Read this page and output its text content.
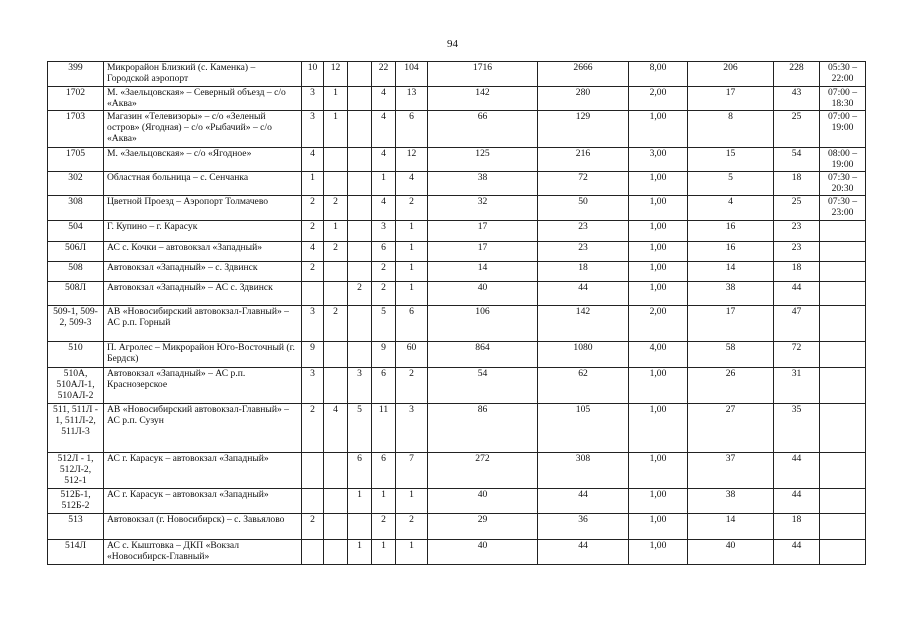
94
399	Микрорайон Близкий (с. Каменка) – Городской аэропорт	10	12		22	104	1716	2666	8,00	206	228	05:30 – 22:00
1702	М. «Заельцовская» – Северный объезд – с/о «Аква»	3	1		4	13	142	280	2,00	17	43	07:00 – 18:30
1703	Магазин «Телевизоры» – с/о «Зеленый остров» (Ягодная) – с/о «Рыбачий» – с/о «Аква»	3	1		4	6	66	129	1,00	8	25	07:00 – 19:00
1705	М. «Заельцовская» – с/о «Ягодное»	4			4	12	125	216	3,00	15	54	08:00 – 19:00
302	Областная больница – с. Сенчанка	1			1	4	38	72	1,00	5	18	07:30 – 20:30
308	Цветной Проезд – Аэропорт Толмачево	2	2		4	2	32	50	1,00	4	25	07:30 – 23:00
504	Г. Купино – г. Карасук	2	1		3	1	17	23	1,00	16	23	
506Л	АС с. Кочки – автовокзал «Западный»	4	2		6	1	17	23	1,00	16	23	
508	Автовокзал «Западный» – с. Здвинск	2			2	1	14	18	1,00	14	18	
508Л	Автовокзал «Западный» – АС с. Здвинск			2	2	1	40	44	1,00	38	44	
509-1, 509-2, 509-3	АВ «Новосибирский автовокзал-Главный» – АС р.п. Горный	3	2		5	6	106	142	2,00	17	47	
510	П. Агролес – Микрорайон Юго-Восточный (г. Бердск)	9			9	60	864	1080	4,00	58	72	
510А, 510АЛ-1, 510АЛ-2	Автовокзал «Западный» – АС р.п. Краснозерское	3		3	6	2	54	62	1,00	26	31	
511, 511Л - 1, 511Л-2, 511Л-3	АВ «Новосибирский автовокзал-Главный» – АС р.п. Сузун	2	4	5	11	3	86	105	1,00	27	35	
512Л - 1, 512Л-2, 512-1	АС г. Карасук – автовокзал «Западный»			6	6	7	272	308	1,00	37	44	
512Б-1, 512Б-2	АС г. Карасук – автовокзал «Западный»			1	1	1	40	44	1,00	38	44	
513	Автовокзал (г. Новосибирск) – с. Завьялово	2			2	2	29	36	1,00	14	18	
514Л	АС с. Кыштовка – ДКП «Вокзал «Новосибирск-Главный»			1	1	1	40	44	1,00	40	44	
